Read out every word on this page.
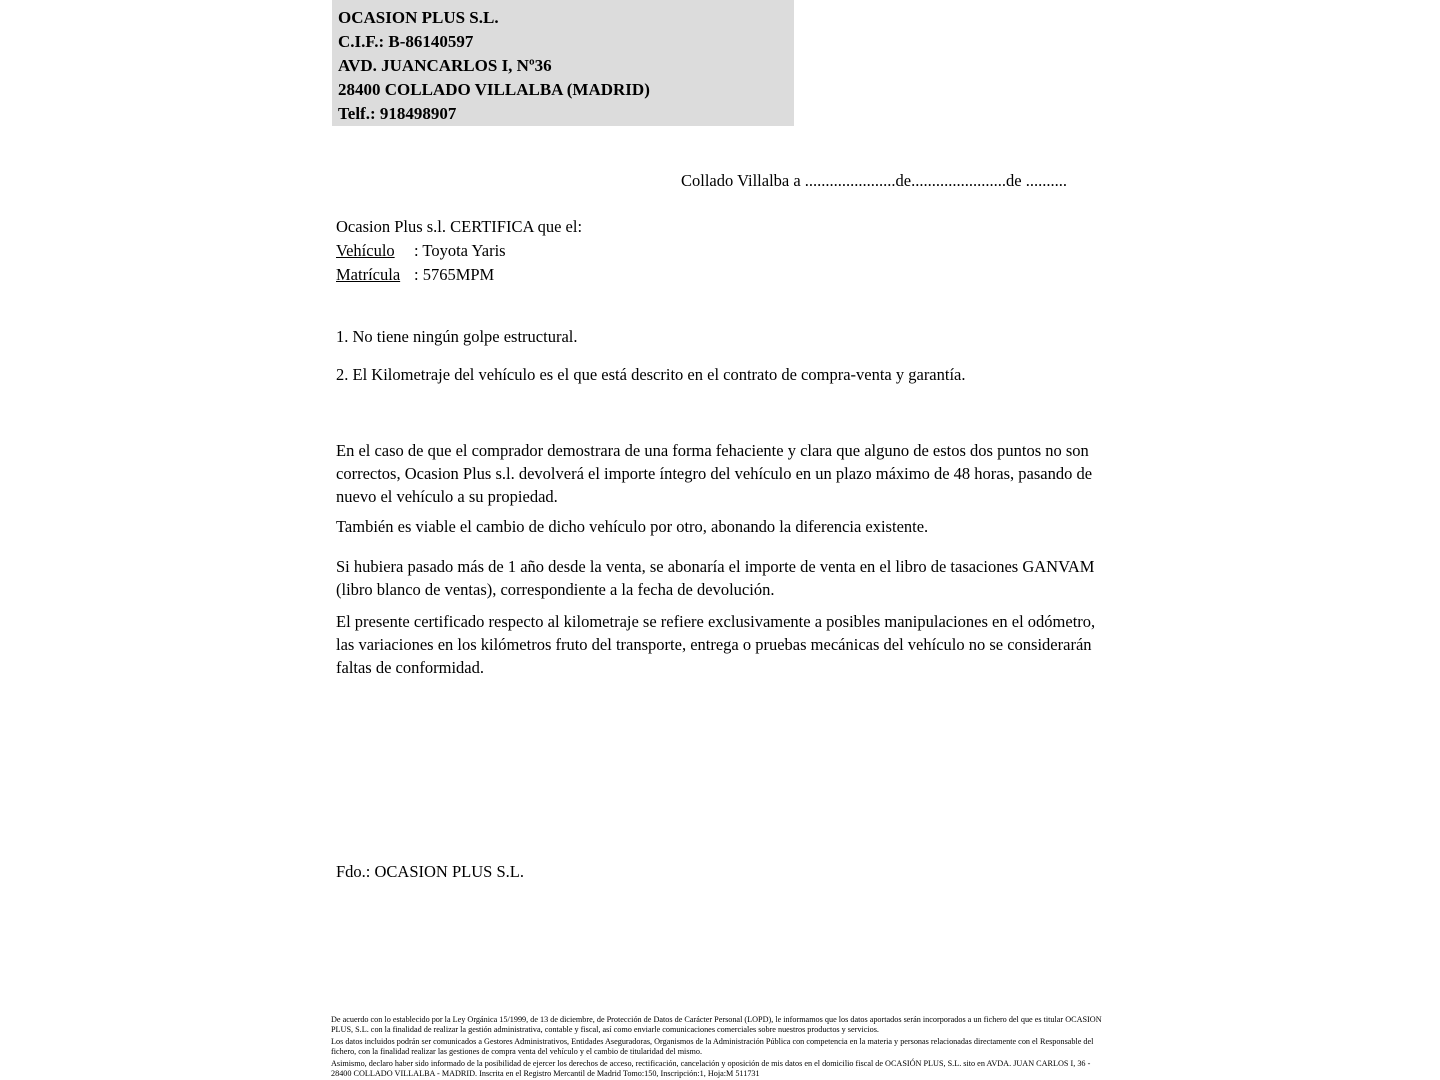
OCASION PLUS S.L.
C.I.F.: B-86140597
AVD. JUANCARLOS I, Nº36
28400 COLLADO VILLALBA (MADRID)
Telf.: 918498907
Collado Villalba a ......................de.......................de ..........
Ocasion Plus s.l. CERTIFICA que el:
Vehículo : Toyota Yaris
Matrícula : 5765MPM
1. No tiene ningún golpe estructural.
2. El Kilometraje del vehículo es el que está descrito en el contrato de compra-venta y garantía.
En el caso de que el comprador demostrara de una forma fehaciente y clara que alguno de estos dos puntos no son correctos, Ocasion Plus s.l. devolverá el importe íntegro del vehículo en un plazo máximo de 48 horas, pasando de nuevo el vehículo a su propiedad.
También es viable el cambio de dicho vehículo por otro, abonando la diferencia existente.
Si hubiera pasado más de 1 año desde la venta, se abonaría el importe de venta en el libro de tasaciones GANVAM (libro blanco de ventas), correspondiente a la fecha de devolución.
El presente certificado respecto al kilometraje se refiere exclusivamente a posibles manipulaciones en el odómetro, las variaciones en los kilómetros fruto del transporte, entrega o pruebas mecánicas del vehículo no se considerarán faltas de conformidad.
Fdo.: OCASION PLUS S.L.

De acuerdo con lo establecido por la Ley Orgánica 15/1999, de 13 de diciembre, de Protección de Datos de Carácter Personal (LOPD), le informamos que los datos aportados serán incorporados a un fichero del que es titular OCASION PLUS, S.L. con la finalidad de realizar la gestión administrativa, contable y fiscal, así como enviarle comunicaciones comerciales sobre nuestros productos y servicios.

Los datos incluidos podrán ser comunicados a Gestores Administrativos, Entidades Aseguradoras, Organismos de la Administración Pública con competencia en la materia y personas relacionadas directamente con el Responsable del fichero, con la finalidad realizar las gestiones de compra venta del vehículo y el cambio de titularidad del mismo.

Asimismo, declaro haber sido informado de la posibilidad de ejercer los derechos de acceso, rectificación, cancelación y oposición de mis datos en el domicilio fiscal de OCASIÓN PLUS, S.L. sito en AVDA. JUAN CARLOS I, 36 - 28400 COLLADO VILLALBA - MADRID. Inscrita en el Registro Mercantil de Madrid Tomo:150, Inscripción:1, Hoja:M 511731
